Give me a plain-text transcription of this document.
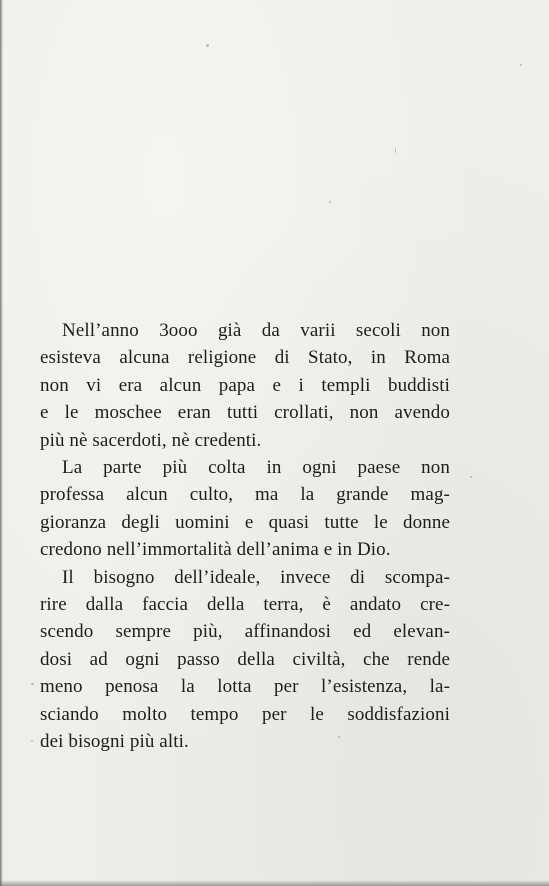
Nell’anno 3ooo già da varii secoli non
esisteva alcuna religione di Stato, in Roma
non vi era alcun papa e i templi buddisti
e le moschee eran tutti crollati, non avendo
più nè sacerdoti, nè credenti.

La parte più colta in ogni paese non
professa alcun culto, ma la grande mag-
gioranza degli uomini e quasi tutte le donne
credono nell’immortalità dell’anima e in Dio.

Il bisogno dell’ideale, invece di scompa-
rire dalla faccia della terra, è andato cre-
scendo sempre più, affinandosi ed elevan-
dosi ad ogni passo della civiltà, che rende
meno penosa la lotta per l’esistenza, la-
sciando molto tempo per le soddisfazioni
dei bisogni più alti.
